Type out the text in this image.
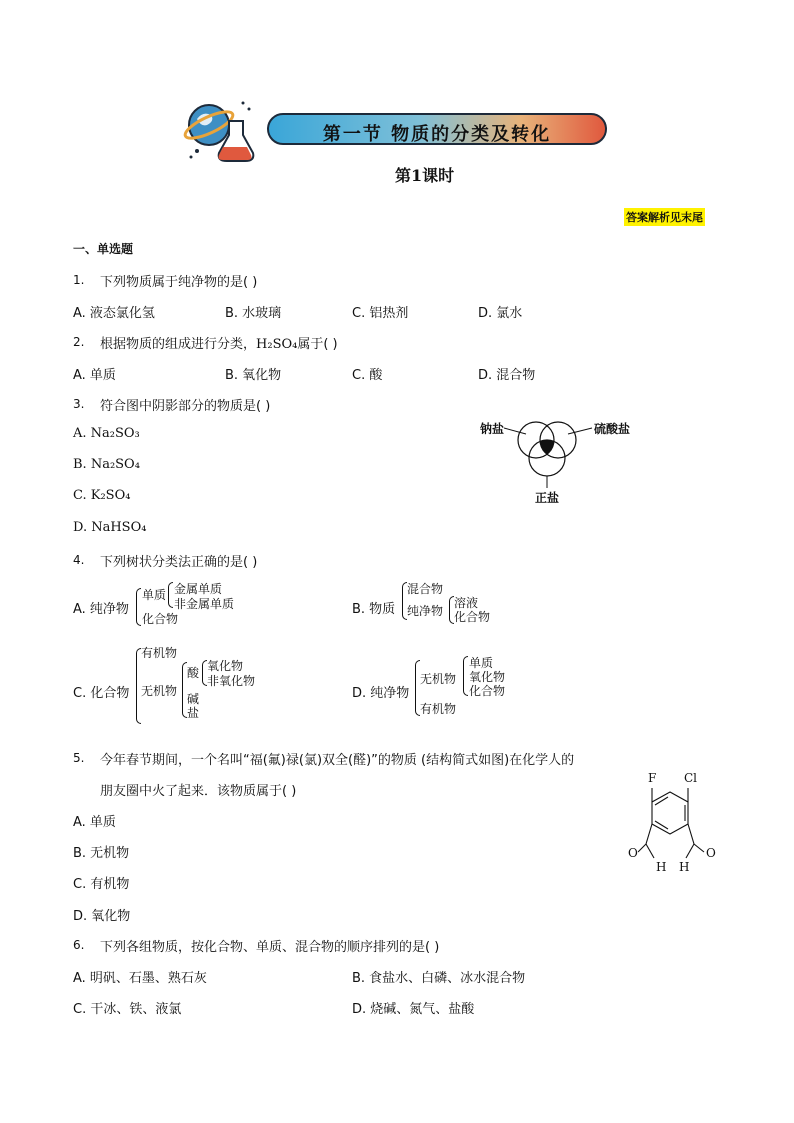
第一节 物质的分类及转化
第1课时
答案解析见末尾
一、单选题
1. 下列物质属于纯净物的是( )
A. 液态氯化氢	B. 水玻璃	C. 铝热剂	D. 氯水
2. 根据物质的组成进行分类，H₂SO₄属于( )
A. 单质	B. 氧化物	C. 酸	D. 混合物
3. 符合图中阴影部分的物质是( )
A. Na₂SO₃
B. Na₂SO₄
C. K₂SO₄
D. NaHSO₄
钠盐	硫酸盐
正盐
4. 下列树状分类法正确的是( )
A. 纯净物
单质 金属单质
非金属单质
化合物
B. 物质
混合物
纯净物
溶液
化合物
C. 化合物
有机物
无机物
酸 氧化物
非氧化物
碱
盐
D. 纯净物
无机物
有机物
单质
氧化物
化合物
5. 今年春节期间，一个名叫“福(氟)禄(氯)双全(醛)”的物质 (结构简式如图)在化学人的
朋友圈中火了起来．该物质属于( )
A. 单质
B. 无机物
C. 有机物
D. 氧化物
F Cl
O	O
H H
6. 下列各组物质，按化合物、单质、混合物的顺序排列的是( )
A. 明矾、石墨、熟石灰	B. 食盐水、白磷、冰水混合物
C. 干冰、铁、液氯	D. 烧碱、氮气、盐酸
